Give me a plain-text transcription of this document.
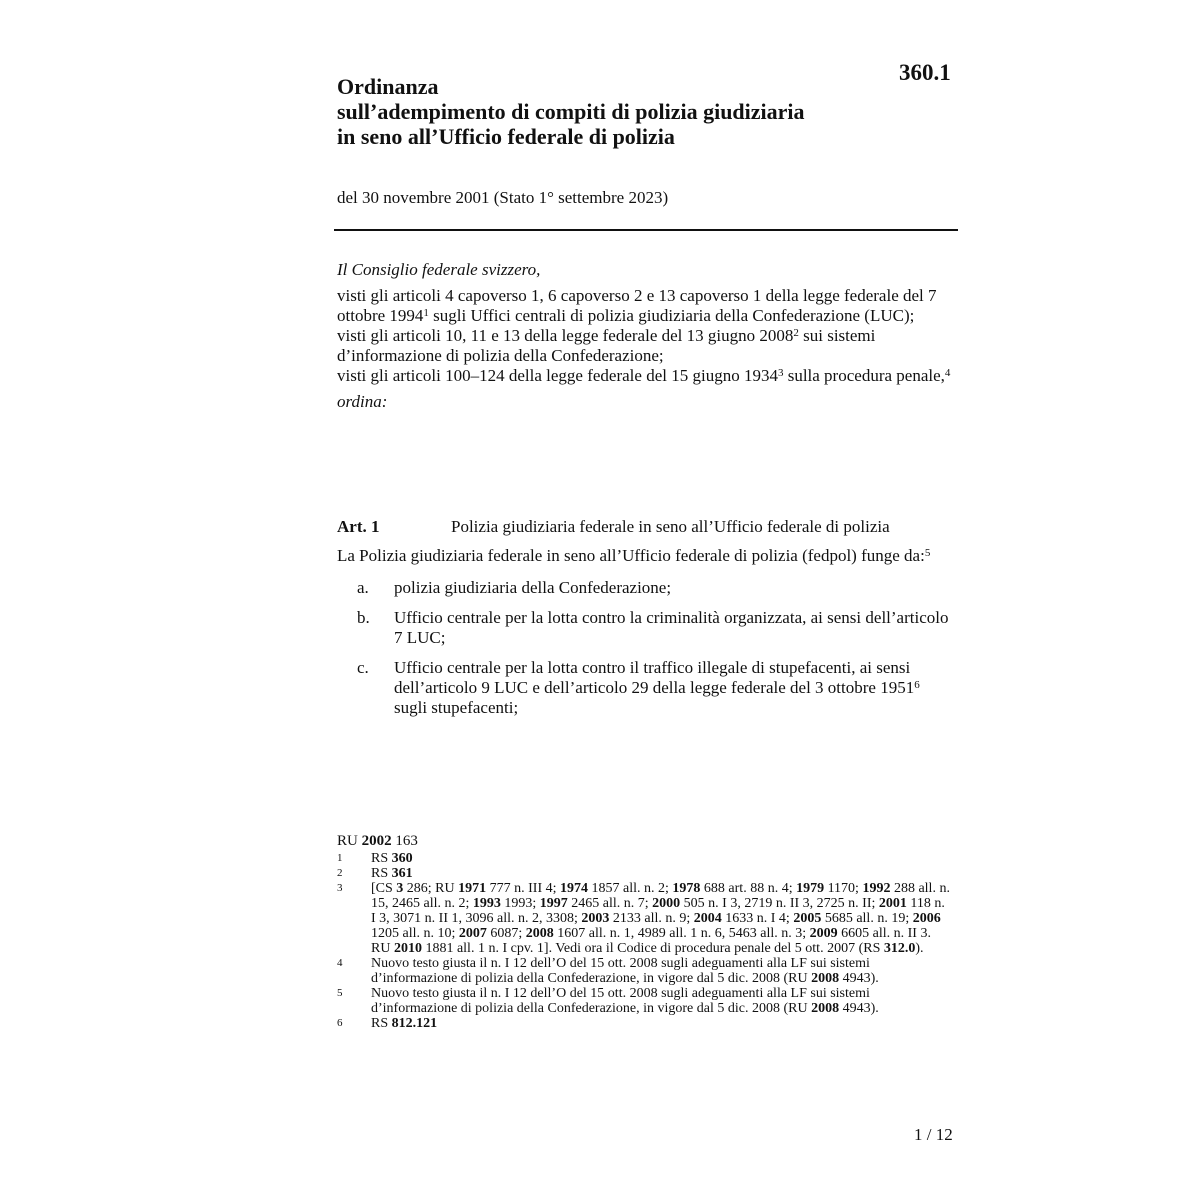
360.1
Ordinanza
sull’adempimento di compiti di polizia giudiziaria
in seno all’Ufficio federale di polizia
del 30 novembre 2001 (Stato 1° settembre 2023)

Il Consiglio federale svizzero,

visti gli articoli 4 capoverso 1, 6 capoverso 2 e 13 capoverso 1 della legge federale del 7 ottobre 1994$^1$ sugli Uffici centrali di polizia giudiziaria della Confederazione (LUC);

visti gli articoli 10, 11 e 13 della legge federale del 13 giugno 2008$^2$ sui sistemi d’informazione di polizia della Confederazione;

visti gli articoli 100–124 della legge federale del 15 giugno 1934$^3$ sulla procedura penale,$^4$

ordina:

Art. 1	Polizia giudiziaria federale in seno all’Ufficio federale di polizia

La Polizia giudiziaria federale in seno all’Ufficio federale di polizia (fedpol) funge da:$^5$

a.	polizia giudiziaria della Confederazione;
b.	Ufficio centrale per la lotta contro la criminalità organizzata, ai sensi dell’articolo 7 LUC;
c.	Ufficio centrale per la lotta contro il traffico illegale di stupefacenti, ai sensi dell’articolo 9 LUC e dell’articolo 29 della legge federale del 3 ottobre 1951$^6$ sugli stupefacenti;
RU 2002 163
1	RS 360
2	RS 361
3	[CS 3 286; RU 1971 777 n. III 4; 1974 1857 all. n. 2; 1978 688 art. 88 n. 4; 1979 1170; 1992 288 all. n. 15, 2465 all. n. 2; 1993 1993; 1997 2465 all. n. 7; 2000 505 n. I 3, 2719 n. II 3, 2725 n. II; 2001 118 n. I 3, 3071 n. II 1, 3096 all. n. 2, 3308; 2003 2133 all. n. 9; 2004 1633 n. I 4; 2005 5685 all. n. 19; 2006 1205 all. n. 10; 2007 6087; 2008 1607 all. n. 1, 4989 all. 1 n. 6, 5463 all. n. 3; 2009 6605 all. n. II 3. RU 2010 1881 all. 1 n. I cpv. 1]. Vedi ora il Codice di procedura penale del 5 ott. 2007 (RS 312.0).
4	Nuovo testo giusta il n. I 12 dell’O del 15 ott. 2008 sugli adeguamenti alla LF sui sistemi d’informazione di polizia della Confederazione, in vigore dal 5 dic. 2008 (RU 2008 4943).
5	Nuovo testo giusta il n. I 12 dell’O del 15 ott. 2008 sugli adeguamenti alla LF sui sistemi d’informazione di polizia della Confederazione, in vigore dal 5 dic. 2008 (RU 2008 4943).
6	RS 812.121
1 / 12
